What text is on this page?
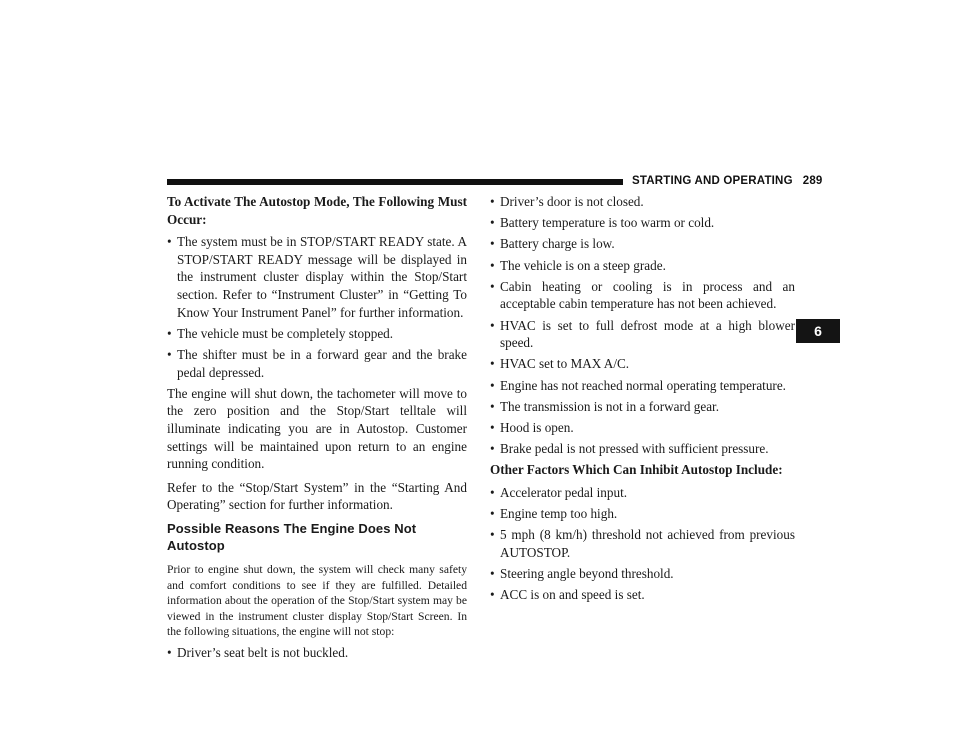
STARTING AND OPERATING 289
6

To Activate The Autostop Mode, The Following Must Occur:

• The system must be in STOP/START READY state. A STOP/START READY message will be displayed in the instrument cluster display within the Stop/Start section. Refer to “Instrument Cluster” in “Getting To Know Your Instrument Panel” for further information.
• The vehicle must be completely stopped.
• The shifter must be in a forward gear and the brake pedal depressed.

The engine will shut down, the tachometer will move to the zero position and the Stop/Start telltale will illuminate indicating you are in Autostop. Customer settings will be maintained upon return to an engine running condition.

Refer to the “Stop/Start System” in the “Starting And Operating” section for further information.

Possible Reasons The Engine Does Not Autostop

Prior to engine shut down, the system will check many safety and comfort conditions to see if they are fulfilled. Detailed information about the operation of the Stop/Start system may be viewed in the instrument cluster display Stop/Start Screen. In the following situations, the engine will not stop:

• Driver’s seat belt is not buckled.
• Driver’s door is not closed.
• Battery temperature is too warm or cold.
• Battery charge is low.
• The vehicle is on a steep grade.
• Cabin heating or cooling is in process and an acceptable cabin temperature has not been achieved.
• HVAC is set to full defrost mode at a high blower speed.
• HVAC set to MAX A/C.
• Engine has not reached normal operating temperature.
• The transmission is not in a forward gear.
• Hood is open.
• Brake pedal is not pressed with sufficient pressure.

Other Factors Which Can Inhibit Autostop Include:

• Accelerator pedal input.
• Engine temp too high.
• 5 mph (8 km/h) threshold not achieved from previous AUTOSTOP.
• Steering angle beyond threshold.
• ACC is on and speed is set.
